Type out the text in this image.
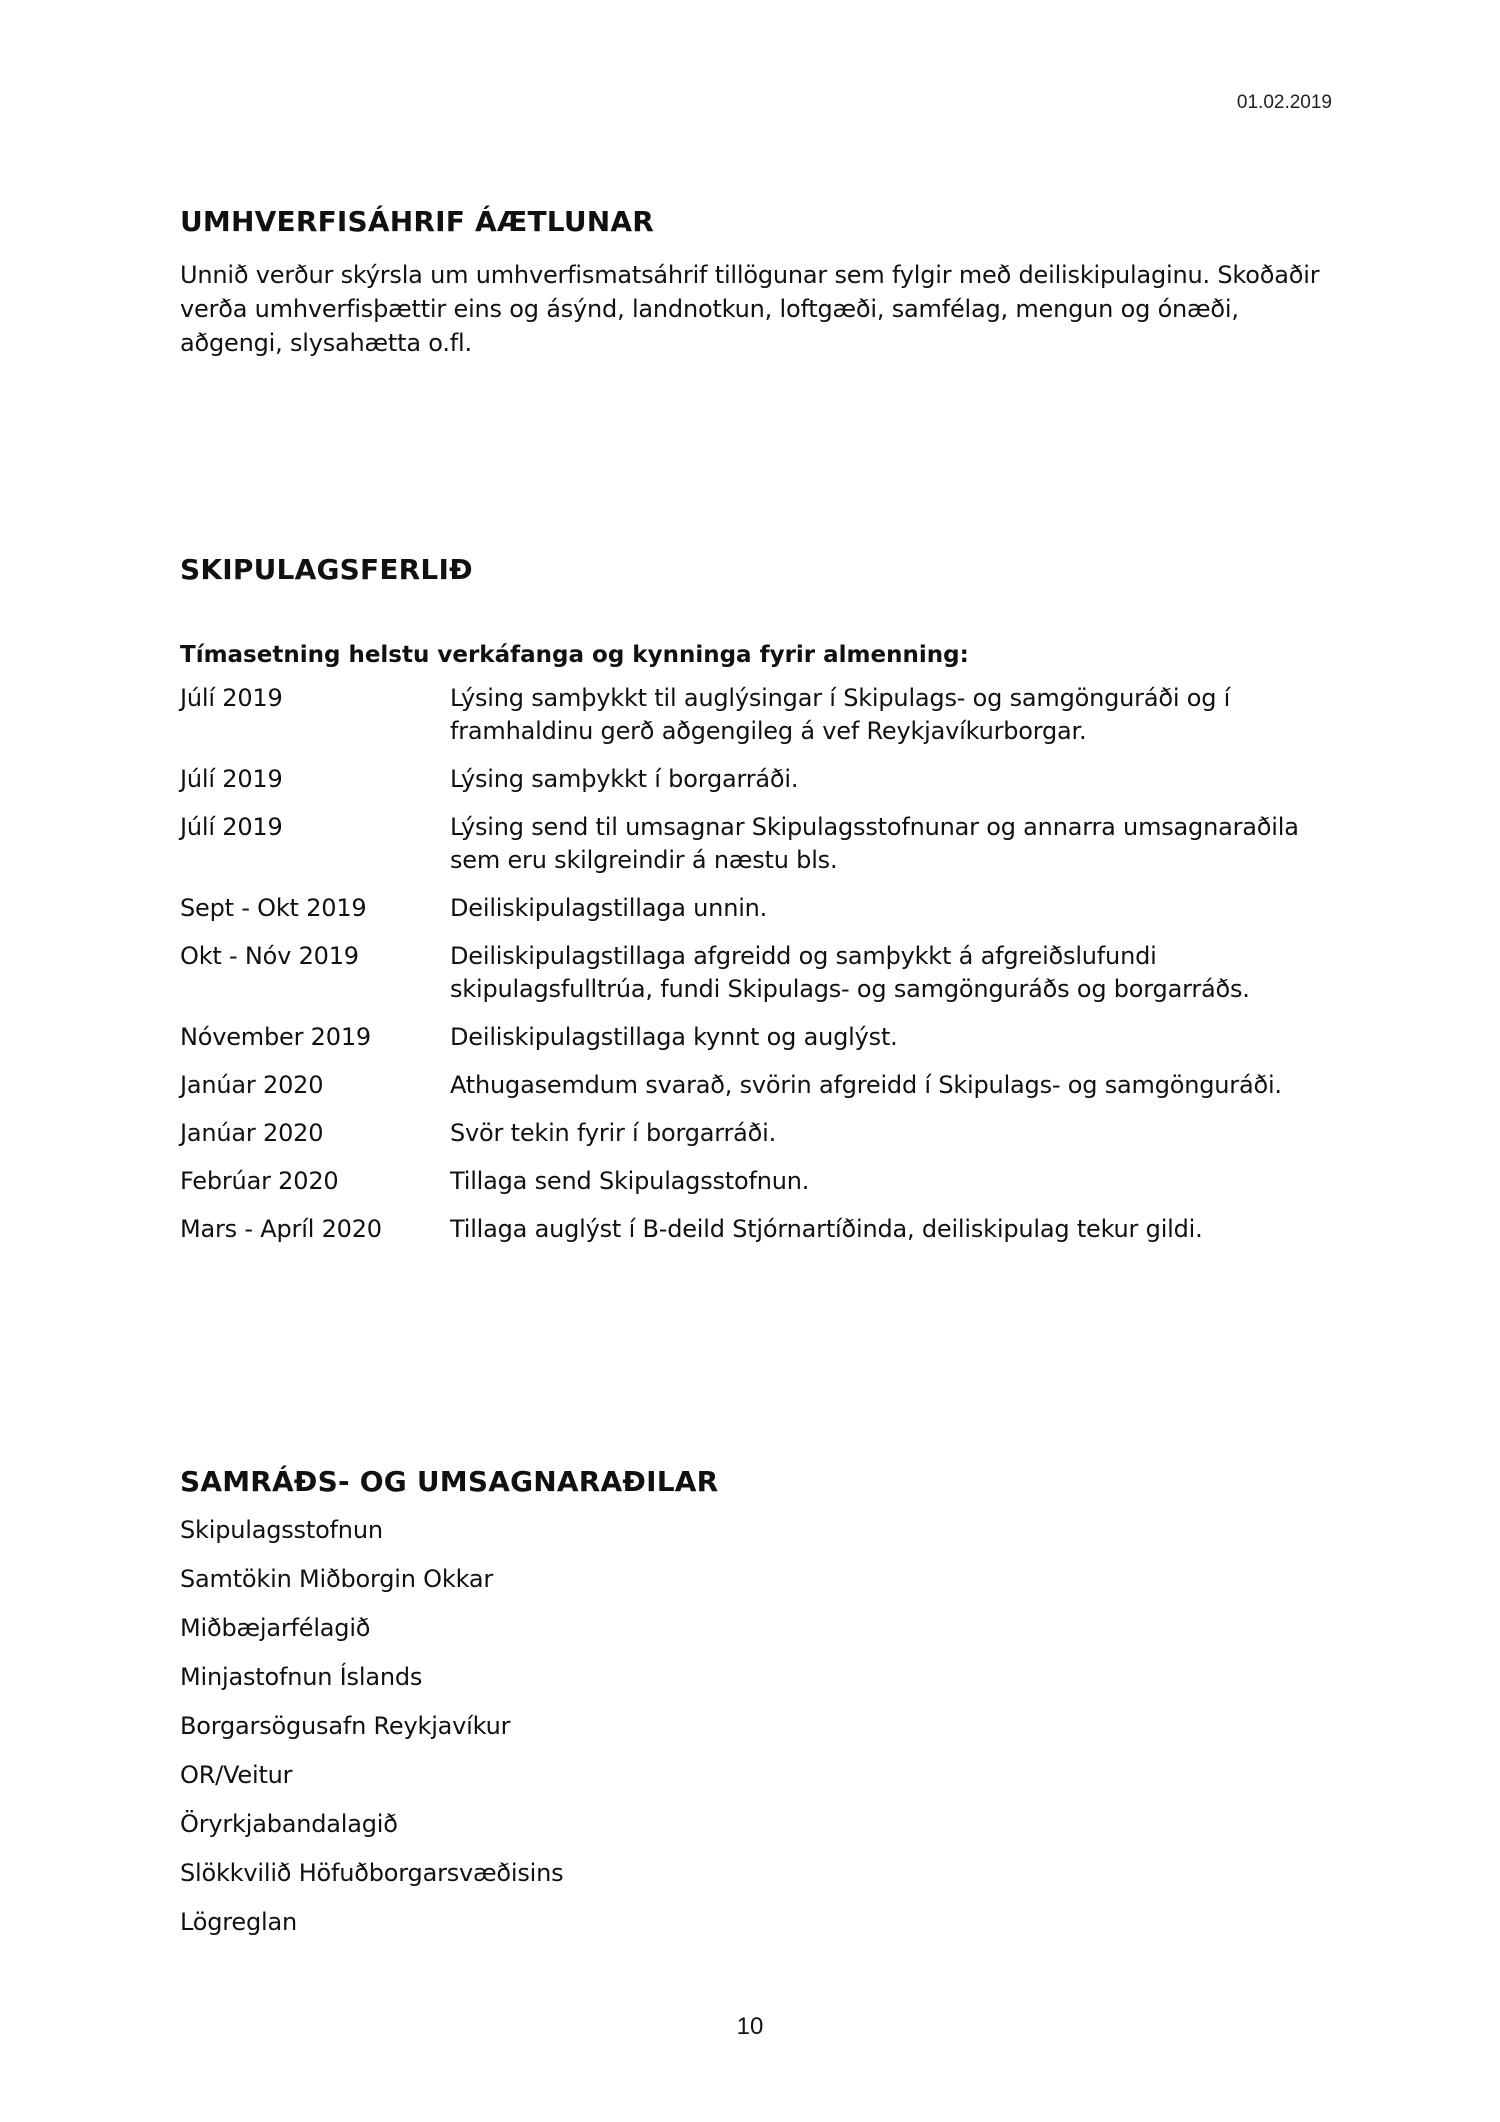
01.02.2019
UMHVERFISÁHRIF ÁÆTLUNAR

Unnið verður skýrsla um umhverfismatsáhrif tillögunar sem fylgir með deiliskipulaginu. Skoðaðir verða umhverfisþættir eins og ásýnd, landnotkun, loftgæði, samfélag, mengun og ónæði, aðgengi, slysahætta o.fl.

SKIPULAGSFERLIÐ

Tímasetning helstu verkáfanga og kynninga fyrir almenning:

Júlí 2019	Lýsing samþykkt til auglýsingar í Skipulags- og samgönguráði og í framhaldinu gerð aðgengileg á vef Reykjavíkurborgar.
Júlí 2019	Lýsing samþykkt í borgarráði.
Júlí 2019	Lýsing send til umsagnar Skipulagsstofnunar og annarra umsagnaraðila sem eru skilgreindir á næstu bls.
Sept - Okt 2019	Deiliskipulagstillaga unnin.
Okt - Nóv 2019	Deiliskipulagstillaga afgreidd og samþykkt á afgreiðslufundi skipulagsfulltrúa, fundi Skipulags- og samgönguráðs og borgarráðs.
Nóvember 2019	Deiliskipulagstillaga kynnt og auglýst.
Janúar 2020	Athugasemdum svarað, svörin afgreidd í Skipulags- og samgönguráði.
Janúar 2020	Svör tekin fyrir í borgarráði.
Febrúar 2020	Tillaga send Skipulagsstofnun.
Mars - Apríl 2020	Tillaga auglýst í B-deild Stjórnartíðinda, deiliskipulag tekur gildi.
SAMRÁÐS- OG UMSAGNARAÐILAR
Skipulagsstofnun
Samtökin Miðborgin Okkar
Miðbæjarfélagið
Minjastofnun Íslands
Borgarsögusafn Reykjavíkur
OR/Veitur
Öryrkjabandalagið
Slökkvilið Höfuðborgarsvæðisins
Lögreglan
10
